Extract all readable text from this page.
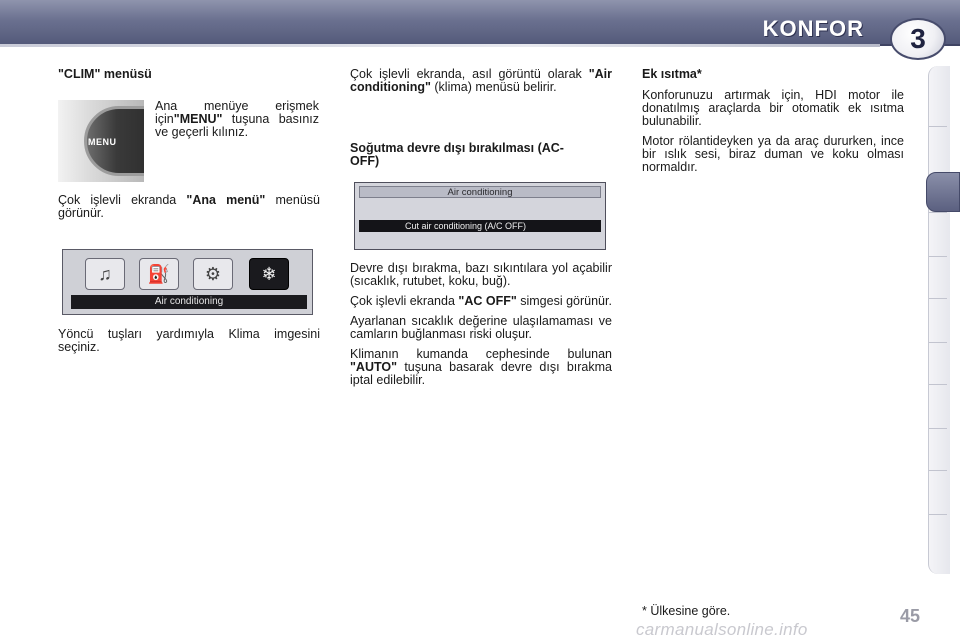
KONFOR	3
"CLIM" menüsü
MENU

Ana menüye erişmek için"MENU" tuşuna basınız ve geçerli kılınız.

Çok işlevli ekranda "Ana menü" menüsü görünür.

♫	⛽	⚙	❄
Air conditioning

Yöncü tuşları yardımıyla Klima imgesini seçiniz.

Çok işlevli ekranda, asıl görüntü olarak "Air conditioning" (klima) menüsü belirir.

Soğutma devre dışı bırakılması (AC-OFF)
Air conditioning
Cut air conditioning (A/C OFF)

Devre dışı bırakma, bazı sıkıntılara yol açabilir (sıcaklık, rutubet, koku, buğ).

Çok işlevli ekranda "AC OFF" simgesi görünür.

Ayarlanan sıcaklık değerine ulaşılamaması ve camların buğlanması riski oluşur.

Klimanın kumanda cephesinde bulunan "AUTO" tuşuna basarak devre dışı bırakma iptal edilebilir.

Ek ısıtma*

Konforunuzu artırmak için, HDI motor ile donatılmış araçlarda bir otomatik ek ısıtma bulunabilir.

Motor rölantideyken ya da araç dururken, ince bir ıslık sesi, biraz duman ve koku olması normaldır.

* Ülkesine göre.	45
carmanualsonline.info
